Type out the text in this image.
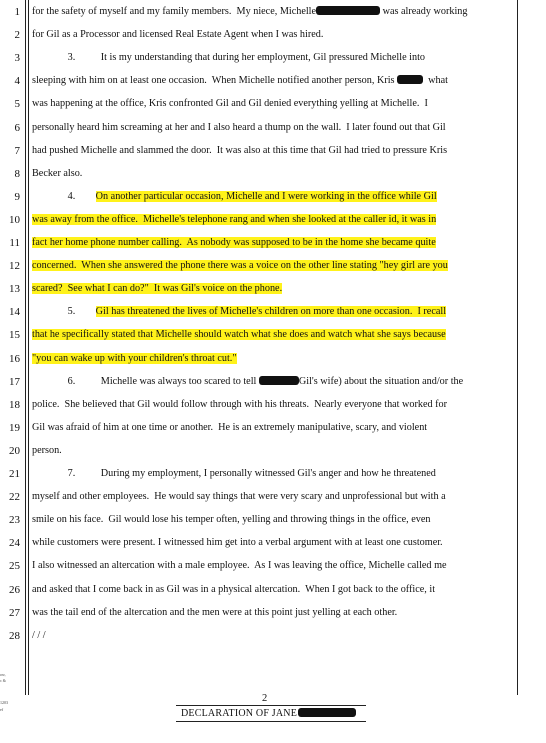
1 for the safety of myself and my family members.  My niece, Michelle	was already working
2 for Gil as a Processor and licensed Real Estate Agent when I was hired.
3 3.          It is my understanding that during her employment, Gil pressured Michelle into
4 sleeping with him on at least one occasion.  When Michelle notified another person, Kris	what
5 was happening at the office, Kris confronted Gil and Gil denied everything yelling at Michelle.  I
6 personally heard him screaming at her and I also heard a thump on the wall.  I later found out that Gil
7 had pushed Michelle and slammed the door.  It was also at this time that Gil had tried to pressure Kris
8 Becker also.
9 4.        On another particular occasion, Michelle and I were working in the office while Gil
10 was away from the office.  Michelle's telephone rang and when she looked at the caller id, it was in
11 fact her home phone number calling.  As nobody was supposed to be in the home she became quite
12 concerned.  When she answered the phone there was a voice on the other line stating "hey girl are you
13 scared?  See what I can do?"  It was Gil's voice on the phone.
14 5.        Gil has threatened the lives of Michelle's children on more than one occasion.  I recall
15 that he specifically stated that Michelle should watch what she does and watch what she says because
16 "you can wake up with your children's throat cut."
17 6.          Michelle was always too scared to tell	Gil's wife) about the situation and/or the
18 police.  She believed that Gil would follow through with his threats.  Nearly everyone that worked for
19 Gil was afraid of him at one time or another.  He is an extremely manipulative, scary, and violent
20 person.
21 7.          During my employment, I personally witnessed Gil's anger and how he threatened
22 myself and other employees.  He would say things that were very scary and unprofessional but with a
23 smile on his face.  Gil would lose his temper often, yelling and throwing things in the office, even
24 while customers were present. I witnessed him get into a verbal argument with at least one customer.
25 I also witnessed an altercation with a male employee.  As I was leaving the office, Michelle called me
26 and asked that I come back in as Gil was in a physical altercation.  When I got back to the office, it
27 was the tail end of the altercation and the men were at this point just yelling at each other.
28 / / /
ow,
c &
1203
ef
2
DECLARATION OF JANE
